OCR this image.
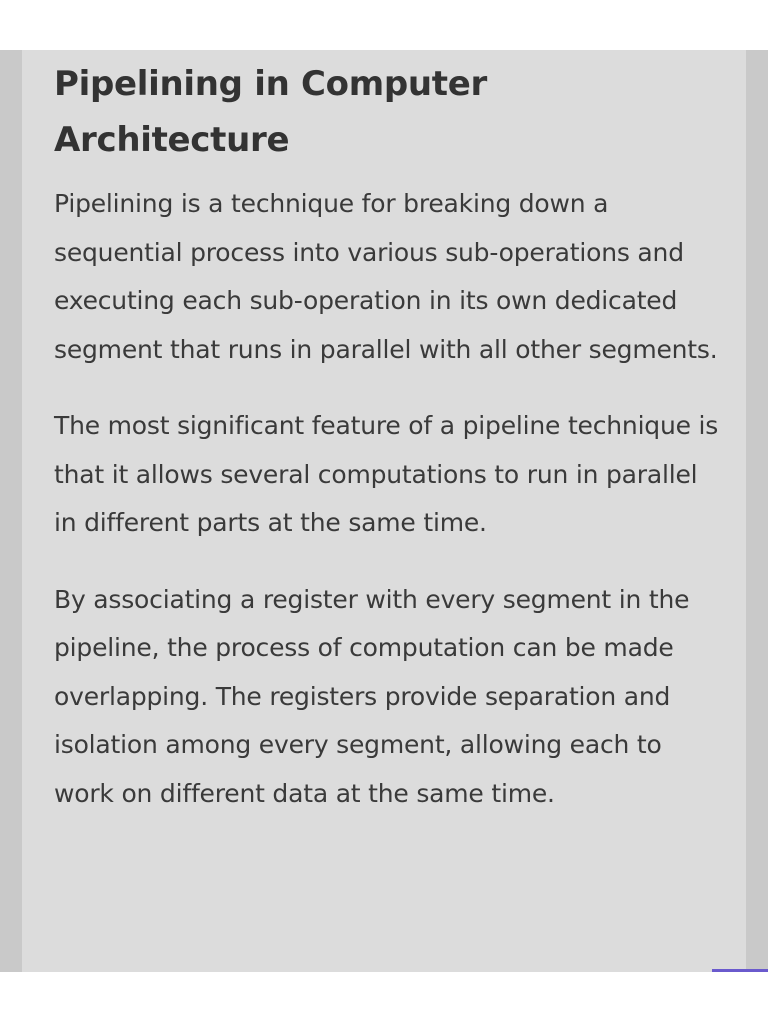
Pipelining in Computer Architecture

Pipelining is a technique for breaking down a sequential process into various sub-operations and executing each sub-operation in its own dedicated segment that runs in parallel with all other segments.

The most significant feature of a pipeline technique is that it allows several computations to run in parallel in different parts at the same time.

By associating a register with every segment in the pipeline, the process of computation can be made overlapping. The registers provide separation and isolation among every segment, allowing each to work on different data at the same time.
